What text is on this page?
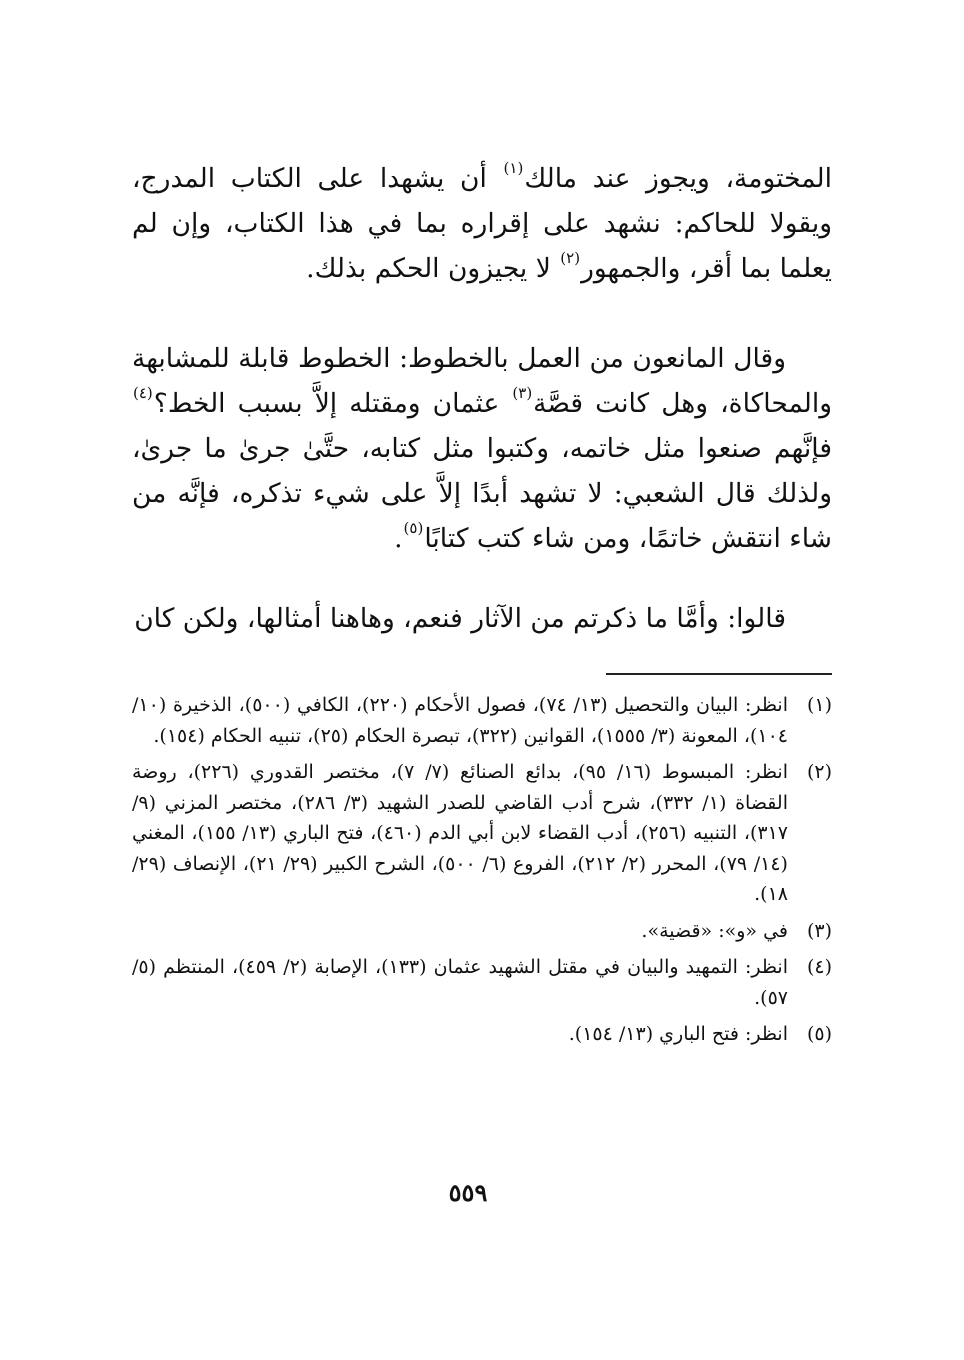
المختومة، ويجوز عند مالك$^{(١)}$ أن يشهدا على الكتاب المدرج، ويقولا للحاكم: نشهد على إقراره بما في هذا الكتاب، وإن لم يعلما بما أقر، والجمهور$^{(٢)}$ لا يجيزون الحكم بذلك.

وقال المانعون من العمل بالخطوط: الخطوط قابلة للمشابهة والمحاكاة، وهل كانت قصَّة$^{(٣)}$ عثمان ومقتله إلاَّ بسبب الخط؟$^{(٤)}$ فإنَّهم صنعوا مثل خاتمه، وكتبوا مثل كتابه، حتَّىٰ جرىٰ ما جرىٰ، ولذلك قال الشعبي: لا تشهد أبدًا إلاَّ على شيء تذكره، فإنَّه من شاء انتقش خاتمًا، ومن شاء كتب كتابًا$^{(٥)}$.

قالوا: وأمَّا ما ذكرتم من الآثار فنعم، وهاهنا أمثالها، ولكن كان

(١)
انظر: البيان والتحصيل (١٣/ ٧٤)، فصول الأحكام (٢٢٠)، الكافي (٥٠٠)، الذخيرة (١٠/ ١٠٤)، المعونة (٣/ ١٥٥٥)، القوانين (٣٢٢)، تبصرة الحكام (٢٥)، تنبيه الحكام (١٥٤).
(٢)
انظر: المبسوط (١٦/ ٩٥)، بدائع الصنائع (٧/ ٧)، مختصر القدوري (٢٢٦)، روضة القضاة (١/ ٣٣٢)، شرح أدب القاضي للصدر الشهيد (٣/ ٢٨٦)، مختصر المزني (٩/ ٣١٧)، التنبيه (٢٥٦)، أدب القضاء لابن أبي الدم (٤٦٠)، فتح الباري (١٣/ ١٥٥)، المغني (١٤/ ٧٩)، المحرر (٢/ ٢١٢)، الفروع (٦/ ٥٠٠)، الشرح الكبير (٢٩/ ٢١)، الإنصاف (٢٩/ ١٨).
(٣)
في «و»: «قضية».
(٤)
انظر: التمهيد والبيان في مقتل الشهيد عثمان (١٣٣)، الإصابة (٢/ ٤٥٩)، المنتظم (٥/ ٥٧).
(٥)
انظر: فتح الباري (١٣/ ١٥٤).
٥٥٩
